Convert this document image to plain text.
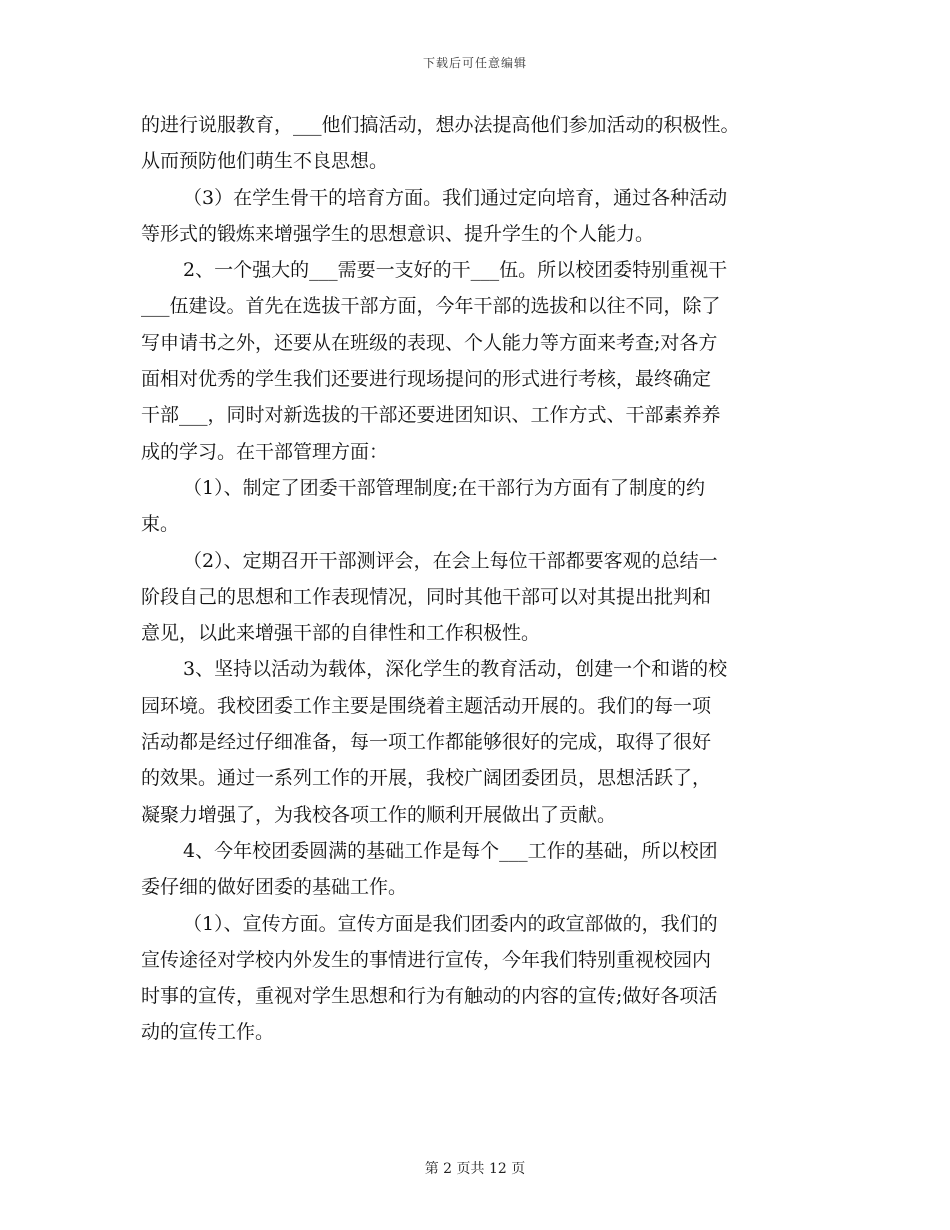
下载后可任意编辑
的进行说服教育，___他们搞活动，想办法提高他们参加活动的积极性。
从而预防他们萌生不良思想。
（3）在学生骨干的培育方面。我们通过定向培育，通过各种活动
等形式的锻炼来增强学生的思想意识、提升学生的个人能力。
2、一个强大的___需要一支好的干___伍。所以校团委特别重视干
___伍建设。首先在选拔干部方面，今年干部的选拔和以往不同，除了
写申请书之外，还要从在班级的表现、个人能力等方面来考查;对各方
面相对优秀的学生我们还要进行现场提问的形式进行考核，最终确定
干部___，同时对新选拔的干部还要进团知识、工作方式、干部素养养
成的学习。在干部管理方面：
（1）、制定了团委干部管理制度;在干部行为方面有了制度的约
束。
（2）、定期召开干部测评会，在会上每位干部都要客观的总结一
阶段自己的思想和工作表现情况，同时其他干部可以对其提出批判和
意见，以此来增强干部的自律性和工作积极性。
3、坚持以活动为载体，深化学生的教育活动，创建一个和谐的校
园环境。我校团委工作主要是围绕着主题活动开展的。我们的每一项
活动都是经过仔细准备，每一项工作都能够很好的完成，取得了很好
的效果。通过一系列工作的开展，我校广阔团委团员，思想活跃了，
凝聚力增强了，为我校各项工作的顺利开展做出了贡献。
4、今年校团委圆满的基础工作是每个___工作的基础，所以校团
委仔细的做好团委的基础工作。
（1）、宣传方面。宣传方面是我们团委内的政宣部做的，我们的
宣传途径对学校内外发生的事情进行宣传，今年我们特别重视校园内
时事的宣传，重视对学生思想和行为有触动的内容的宣传;做好各项活
动的宣传工作。
第 2 页共 12 页
